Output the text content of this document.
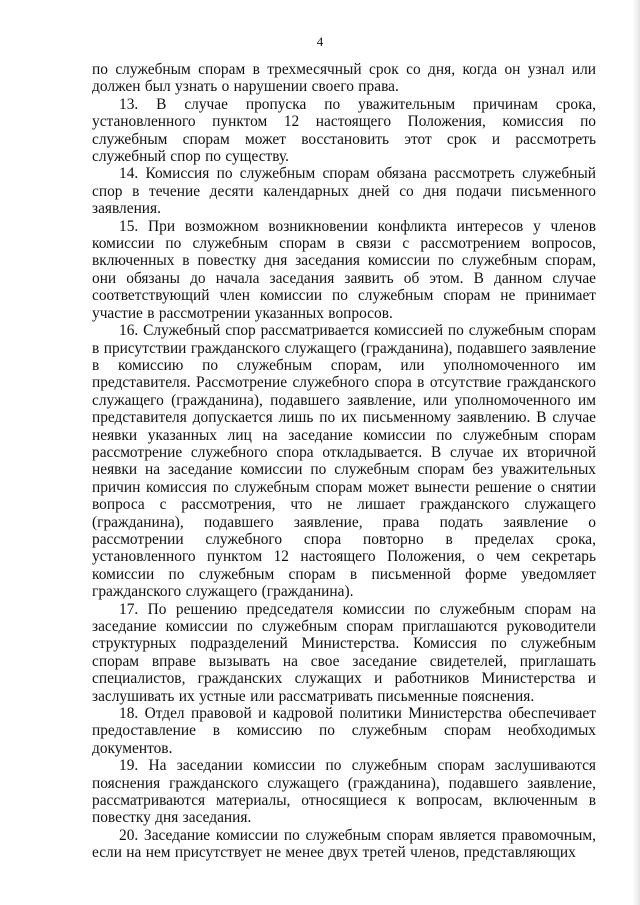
4

по служебным спорам в трехмесячный срок со дня, когда он узнал или должен был узнать о нарушении своего права.

13. В случае пропуска по уважительным причинам срока, установленного пунктом 12 настоящего Положения, комиссия по служебным спорам может восстановить этот срок и рассмотреть служебный спор по существу.

14. Комиссия по служебным спорам обязана рассмотреть служебный спор в течение десяти календарных дней со дня подачи письменного заявления.

15. При возможном возникновении конфликта интересов у членов комиссии по служебным спорам в связи с рассмотрением вопросов, включенных в повестку дня заседания комиссии по служебным спорам, они обязаны до начала заседания заявить об этом. В данном случае соответствующий член комиссии по служебным спорам не принимает участие в рассмотрении указанных вопросов.

16. Служебный спор рассматривается комиссией по служебным спорам в присутствии гражданского служащего (гражданина), подавшего заявление в комиссию по служебным спорам, или уполномоченного им представителя. Рассмотрение служебного спора в отсутствие гражданского служащего (гражданина), подавшего заявление, или уполномоченного им представителя допускается лишь по их письменному заявлению. В случае неявки указанных лиц на заседание комиссии по служебным спорам рассмотрение служебного спора откладывается. В случае их вторичной неявки на заседание комиссии по служебным спорам без уважительных причин комиссия по служебным спорам может вынести решение о снятии вопроса с рассмотрения, что не лишает гражданского служащего (гражданина), подавшего заявление, права подать заявление о рассмотрении служебного спора повторно в пределах срока, установленного пунктом 12 настоящего Положения, о чем секретарь комиссии по служебным спорам в письменной форме уведомляет гражданского служащего (гражданина).

17. По решению председателя комиссии по служебным спорам на заседание комиссии по служебным спорам приглашаются руководители структурных подразделений Министерства. Комиссия по служебным спорам вправе вызывать на свое заседание свидетелей, приглашать специалистов, гражданских служащих и работников Министерства и заслушивать их устные или рассматривать письменные пояснения.

18. Отдел правовой и кадровой политики Министерства обеспечивает предоставление в комиссию по служебным спорам необходимых документов.

19. На заседании комиссии по служебным спорам заслушиваются пояснения гражданского служащего (гражданина), подавшего заявление, рассматриваются материалы, относящиеся к вопросам, включенным в повестку дня заседания.

20. Заседание комиссии по служебным спорам является правомочным, если на нем присутствует не менее двух третей членов, представляющих
